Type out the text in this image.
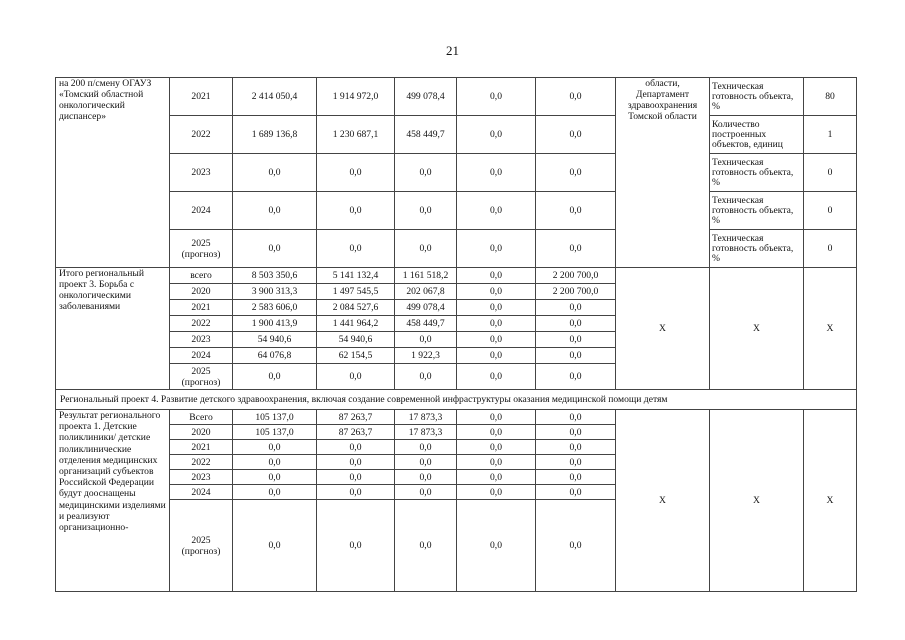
21
на 200 п/смену ОГАУЗ «Томский областной онкологический диспансер»	2021	2 414 050,4	1 914 972,0	499 078,4	0,0	0,0	области, Департамент здравоохранения Томской области	Техническая готовность объекта, %	80
	2022	1 689 136,8	1 230 687,1	458 449,7	0,0	0,0		Количество построенных объектов, единиц	1
	2023	0,0	0,0	0,0	0,0	0,0		Техническая готовность объекта, %	0
	2024	0,0	0,0	0,0	0,0	0,0		Техническая готовность объекта, %	0
	2025 (прогноз)	0,0	0,0	0,0	0,0	0,0		Техническая готовность объекта, %	0
Итого региональный проект 3. Борьба с онкологическими заболеваниями	всего	8 503 350,6	5 141 132,4	1 161 518,2	0,0	2 200 700,0	Х	Х	Х
	2020	3 900 313,3	1 497 545,5	202 067,8	0,0	2 200 700,0			
	2021	2 583 606,0	2 084 527,6	499 078,4	0,0	0,0			
	2022	1 900 413,9	1 441 964,2	458 449,7	0,0	0,0			
	2023	54 940,6	54 940,6	0,0	0,0	0,0			
	2024	64 076,8	62 154,5	1 922,3	0,0	0,0			
	2025 (прогноз)	0,0	0,0	0,0	0,0	0,0			
Региональный проект 4. Развитие детского здравоохранения, включая создание современной инфраструктуры оказания медицинской помощи детям									
Результат регионального проекта 1. Детские поликлиники/ детские поликлинические отделения медицинских организаций субъектов Российской Федерации будут дооснащены медицинскими изделиями и реализуют организационно-	Всего	105 137,0	87 263,7	17 873,3	0,0	0,0	Х	Х	Х
	2020	105 137,0	87 263,7	17 873,3	0,0	0,0			
	2021	0,0	0,0	0,0	0,0	0,0			
	2022	0,0	0,0	0,0	0,0	0,0			
	2023	0,0	0,0	0,0	0,0	0,0			
	2024	0,0	0,0	0,0	0,0	0,0			
	2025 (прогноз)	0,0	0,0	0,0	0,0	0,0			
